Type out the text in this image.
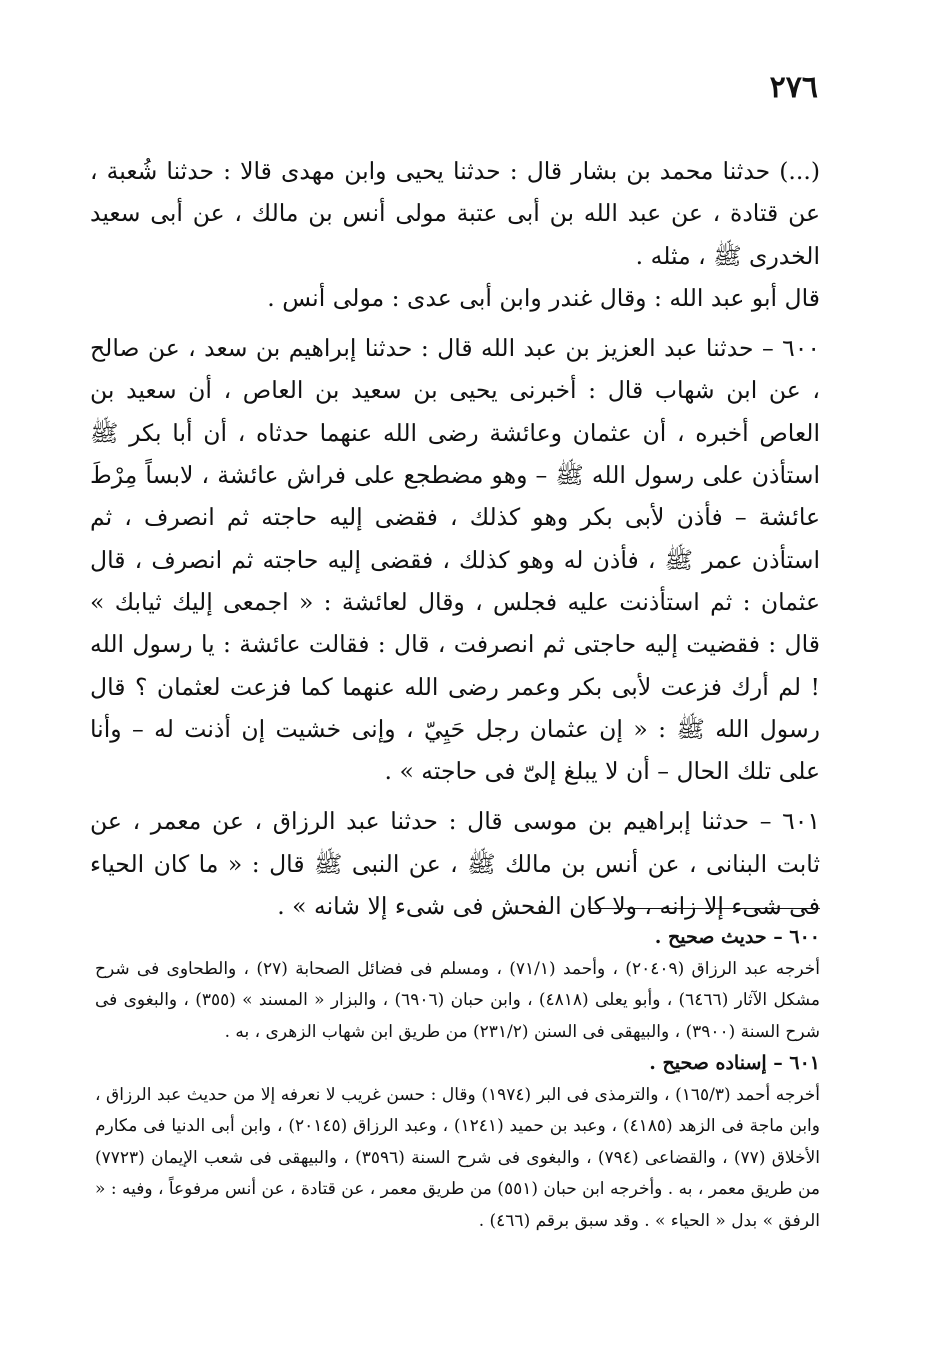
٢٧٦

(...) حدثنا محمد بن بشار قال : حدثنا يحيى وابن مهدى قالا : حدثنا شُعبة ، عن قتادة ، عن عبد الله بن أبى عتبة مولى أنس بن مالك ، عن أبى سعيد الخدرى ﷺ ، مثله .

قال أبو عبد الله : وقال غندر وابن أبى عدى : مولى أنس .

٦٠٠ – حدثنا عبد العزيز بن عبد الله قال : حدثنا إبراهيم بن سعد ، عن صالح ، عن ابن شهاب قال : أخبرنى يحيى بن سعيد بن العاص ، أن سعيد بن العاص أخبره ، أن عثمان وعائشة رضى الله عنهما حدثاه ، أن أبا بكر ﷺ استأذن على رسول الله ﷺ – وهو مضطجع على فراش عائشة ، لابساً مِرْطَ عائشة – فأذن لأبى بكر وهو كذلك ، فقضى إليه حاجته ثم انصرف ، ثم استأذن عمر ﷺ ، فأذن له وهو كذلك ، فقضى إليه حاجته ثم انصرف ، قال عثمان : ثم استأذنت عليه فجلس ، وقال لعائشة : « اجمعى إليك ثيابك » قال : فقضيت إليه حاجتى ثم انصرفت ، قال : فقالت عائشة : يا رسول الله ! لم أرك فزعت لأبى بكر وعمر رضى الله عنهما كما فزعت لعثمان ؟ قال رسول الله ﷺ : « إن عثمان رجل حَيِيّ ، وإنى خشيت إن أذنت له – وأنا على تلك الحال – أن لا يبلغ إلىّ فى حاجته » .

٦٠١ – حدثنا إبراهيم بن موسى قال : حدثنا عبد الرزاق ، عن معمر ، عن ثابت البنانى ، عن أنس بن مالك ﷺ ، عن النبى ﷺ قال : « ما كان الحياء فى شىء إلا زانه ، ولا كان الفحش فى شىء إلا شانه » .

٦٠٠ – حديث صحيح .

أخرجه عبد الرزاق (٢٠٤٠٩) ، وأحمد (٧١/١) ، ومسلم فى فضائل الصحابة (٢٧) ، والطحاوى فى شرح مشكل الآثار (٦٤٦٦) ، وأبو يعلى (٤٨١٨) ، وابن حبان (٦٩٠٦) ، والبزار « المسند » (٣٥٥) ، والبغوى فى شرح السنة (٣٩٠٠) ، والبيهقى فى السنن (٢٣١/٢) من طريق ابن شهاب الزهرى ، به .

٦٠١ – إسناده صحيح .

أخرجه أحمد (١٦٥/٣) ، والترمذى فى البر (١٩٧٤) وقال : حسن غريب لا نعرفه إلا من حديث عبد الرزاق ، وابن ماجة فى الزهد (٤١٨٥) ، وعبد بن حميد (١٢٤١) ، وعبد الرزاق (٢٠١٤٥) ، وابن أبى الدنيا فى مكارم الأخلاق (٧٧) ، والقضاعى (٧٩٤) ، والبغوى فى شرح السنة (٣٥٩٦) ، والبيهقى فى شعب الإيمان (٧٧٢٣) من طريق معمر ، به . وأخرجه ابن حبان (٥٥١) من طريق معمر ، عن قتادة ، عن أنس مرفوعاً ، وفيه : « الرفق » بدل « الحياء » . وقد سبق برقم (٤٦٦) .
